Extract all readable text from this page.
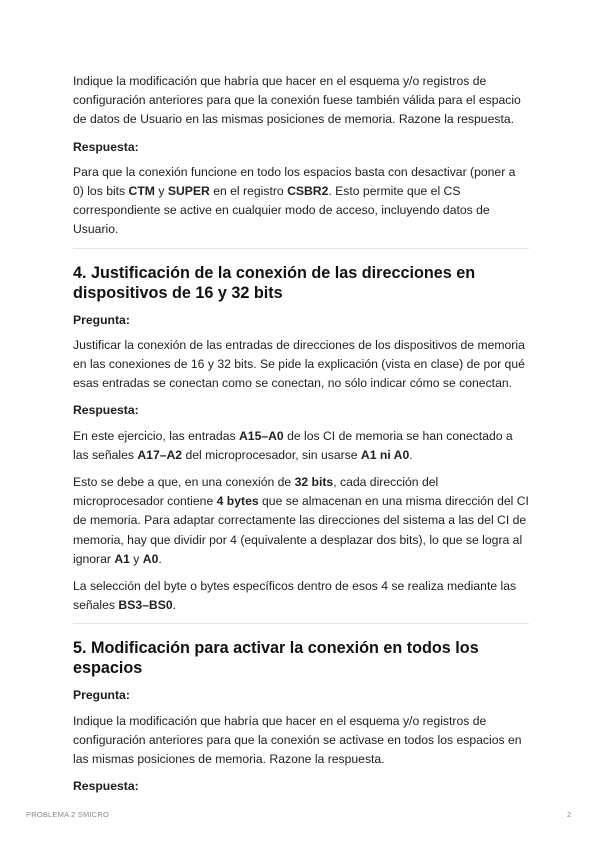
Indique la modificación que habría que hacer en el esquema y/o registros de configuración anteriores para que la conexión fuese también válida para el espacio de datos de Usuario en las mismas posiciones de memoria. Razone la respuesta.

Respuesta:

Para que la conexión funcione en todo los espacios basta con desactivar (poner a 0) los bits CTM y SUPER en el registro CSBR2. Esto permite que el CS correspondiente se active en cualquier modo de acceso, incluyendo datos de Usuario.

4. Justificación de la conexión de las direcciones en dispositivos de 16 y 32 bits

Pregunta:

Justificar la conexión de las entradas de direcciones de los dispositivos de memoria en las conexiones de 16 y 32 bits. Se pide la explicación (vista en clase) de por qué esas entradas se conectan como se conectan, no sólo indicar cómo se conectan.

Respuesta:

En este ejercicio, las entradas A15–A0 de los CI de memoria se han conectado a las señales A17–A2 del microprocesador, sin usarse A1 ni A0.

Esto se debe a que, en una conexión de 32 bits, cada dirección del microprocesador contiene 4 bytes que se almacenan en una misma dirección del CI de memoria. Para adaptar correctamente las direcciones del sistema a las del CI de memoria, hay que dividir por 4 (equivalente a desplazar dos bits), lo que se logra al ignorar A1 y A0.

La selección del byte o bytes específicos dentro de esos 4 se realiza mediante las señales BS3–BS0.

5. Modificación para activar la conexión en todos los espacios

Pregunta:

Indique la modificación que habría que hacer en el esquema y/o registros de configuración anteriores para que la conexión se activase en todos los espacios en las mismas posiciones de memoria. Razone la respuesta.

Respuesta:

PROBLEMA 2 SMICRO	2
